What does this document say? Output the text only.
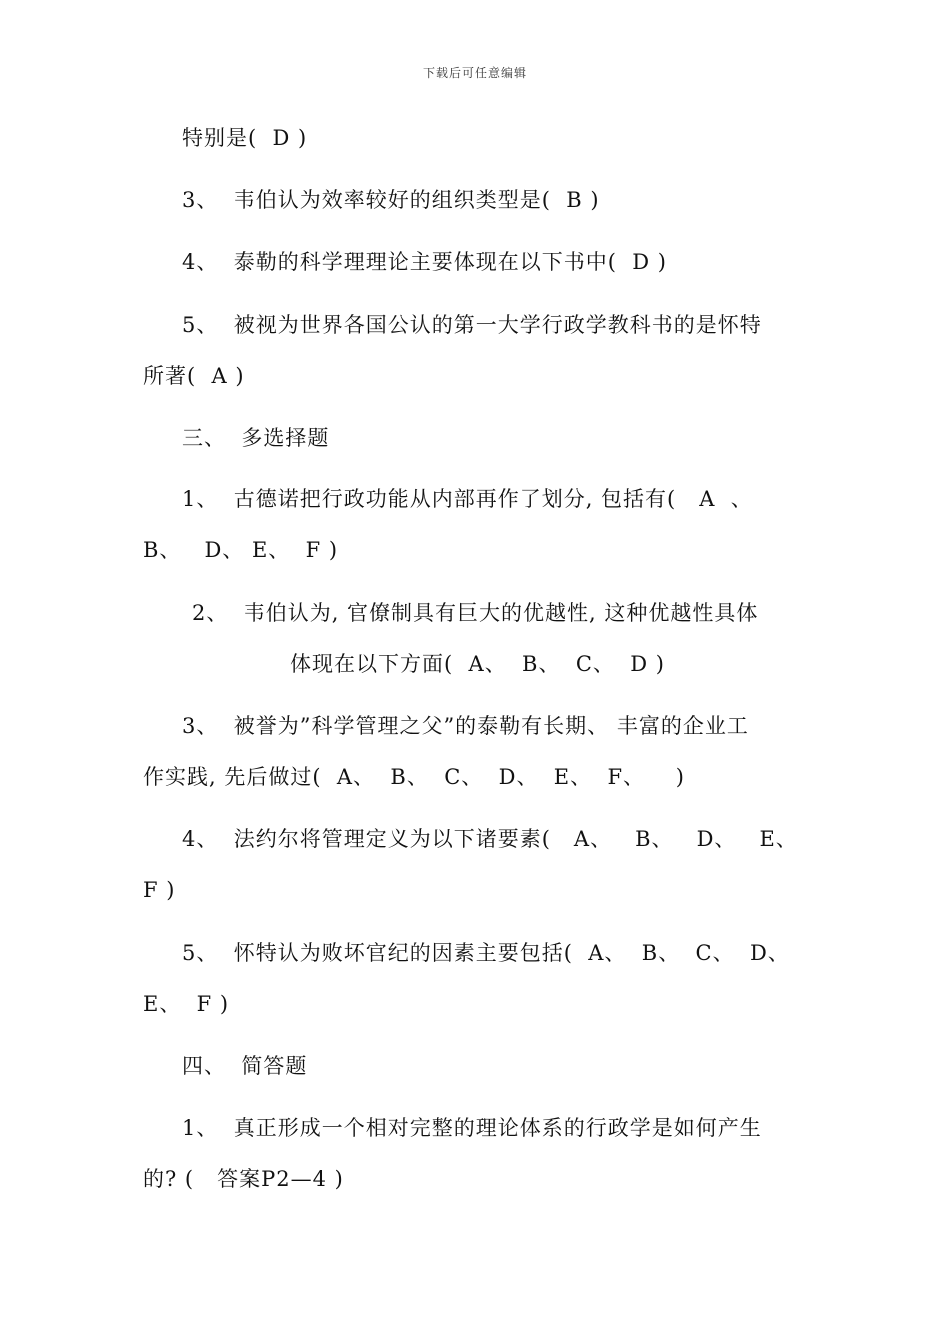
下载后可任意编辑
特别是(  D )
3、  韦伯认为效率较好的组织类型是(  B )
4、  泰勒的科学理理论主要体现在以下书中(  D )
5、  被视为世界各国公认的第一大学行政学教科书的是怀特
所著(  A )
三、  多选择题
1、  古德诺把行政功能从内部再作了划分, 包括有(   A  、
B、   D、 E、  F )
2、  韦伯认为, 官僚制具有巨大的优越性, 这种优越性具体
体现在以下方面(  A、  B、  C、  D )
3、  被誉为”科学管理之父”的泰勒有长期、 丰富的企业工
作实践, 先后做过(  A、  B、  C、  D、  E、  F、    )
4、  法约尔将管理定义为以下诸要素(   A、   B、   D、   E、
F )
5、  怀特认为败坏官纪的因素主要包括(  A、  B、  C、  D、
E、  F )
四、  简答题
1、  真正形成一个相对完整的理论体系的行政学是如何产生
的? (   答案P2—4 )
